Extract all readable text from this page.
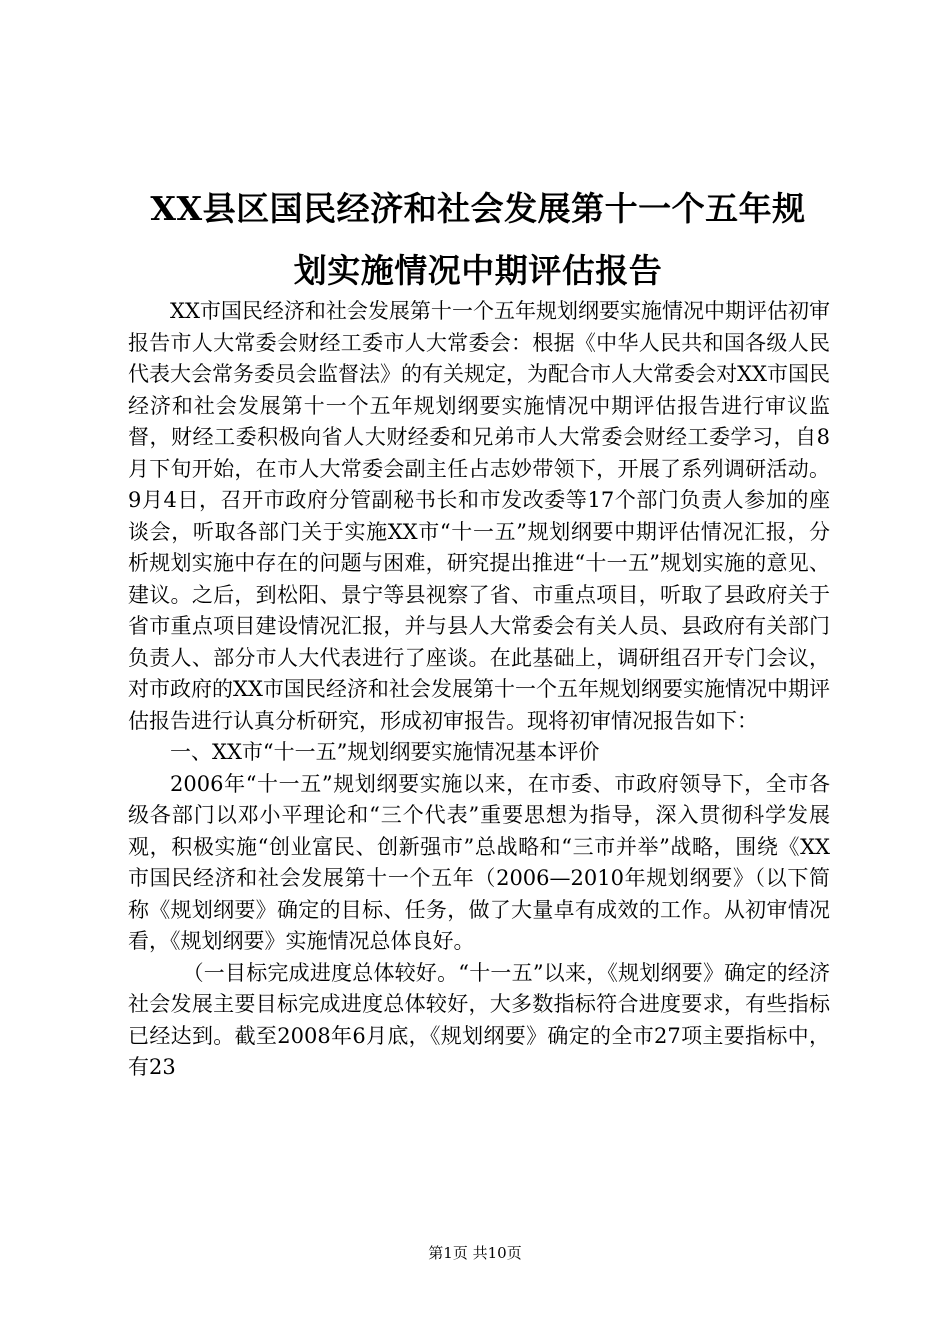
XX县区国民经济和社会发展第十一个五年规
划实施情况中期评估报告

XX市国民经济和社会发展第十一个五年规划纲要实施情况中期评估初审报告市人大常委会财经工委市人大常委会：根据《中华人民共和国各级人民代表大会常务委员会监督法》的有关规定，为配合市人大常委会对XX市国民经济和社会发展第十一个五年规划纲要实施情况中期评估报告进行审议监督，财经工委积极向省人大财经委和兄弟市人大常委会财经工委学习，自8月下旬开始，在市人大常委会副主任占志妙带领下，开展了系列调研活动。9月4日，召开市政府分管副秘书长和市发改委等17个部门负责人参加的座谈会，听取各部门关于实施XX市“十一五”规划纲要中期评估情况汇报，分析规划实施中存在的问题与困难，研究提出推进“十一五”规划实施的意见、建议。之后，到松阳、景宁等县视察了省、市重点项目，听取了县政府关于省市重点项目建设情况汇报，并与县人大常委会有关人员、县政府有关部门负责人、部分市人大代表进行了座谈。在此基础上，调研组召开专门会议，对市政府的XX市国民经济和社会发展第十一个五年规划纲要实施情况中期评估报告进行认真分析研究，形成初审报告。现将初审情况报告如下：

一、XX市“十一五”规划纲要实施情况基本评价

2006年“十一五”规划纲要实施以来，在市委、市政府领导下，全市各级各部门以邓小平理论和“三个代表”重要思想为指导，深入贯彻科学发展观，积极实施“创业富民、创新强市”总战略和“三市并举”战略，围绕《XX市国民经济和社会发展第十一个五年（2006—2010年规划纲要》（以下简称《规划纲要》确定的目标、任务，做了大量卓有成效的工作。从初审情况看，《规划纲要》实施情况总体良好。

（一目标完成进度总体较好。“十一五”以来，《规划纲要》确定的经济社会发展主要目标完成进度总体较好，大多数指标符合进度要求，有些指标已经达到。截至2008年6月底，《规划纲要》确定的全市27项主要指标中，有23

第1页 共10页
